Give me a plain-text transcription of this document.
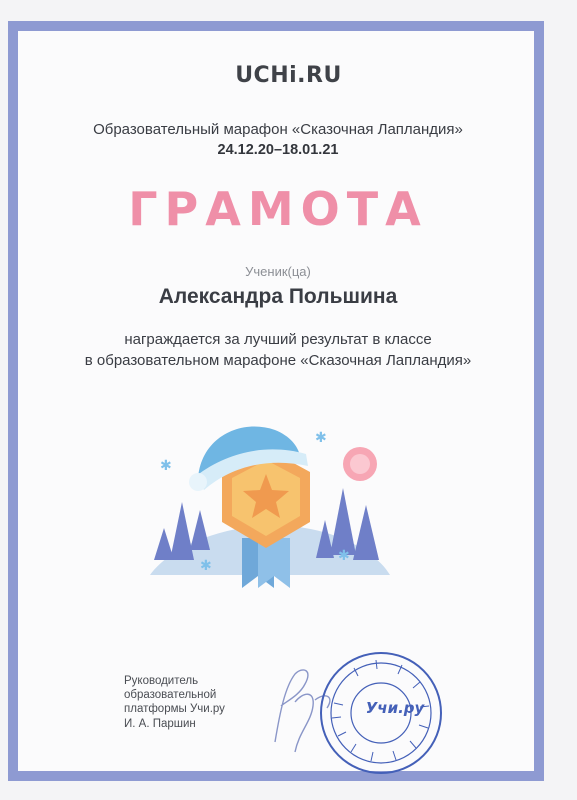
UCHi.RU
Образовательный марафон «Сказочная Лапландия»
24.12.20–18.01.21
ГРАМОТА
Ученик(ца)
Александра Польшина
награждается за лучший результат в классе
в образовательном марафоне «Сказочная Лапландия»
✱
✱
✱
✱
Руководитель
образовательной
платформы Учи.ру
И. А. Паршин
Учи.ру
